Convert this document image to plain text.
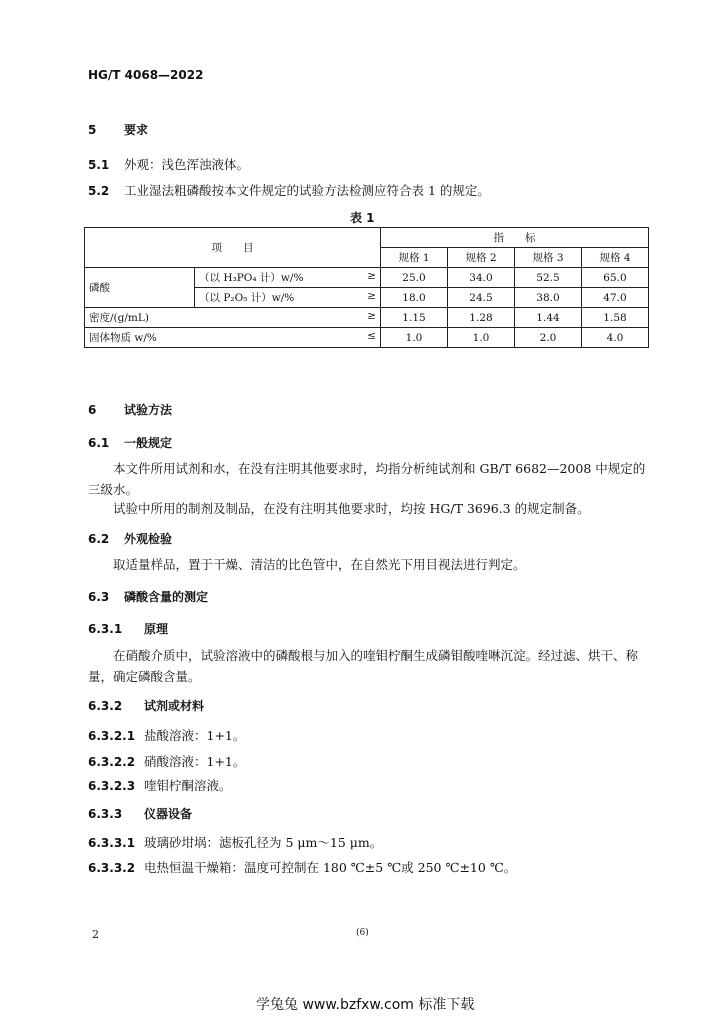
HG/T 4068—2022
5 要求
5.1 外观：浅色浑浊液体。
5.2 工业湿法粗磷酸按本文件规定的试验方法检测应符合表 1 的规定。
表 1
项　　目		指　　标			
		规格 1	规格 2	规格 3	规格 4
磷酸	（以 H₃PO₄ 计）w/% ≥	25.0	34.0	52.5	65.0
	（以 P₂O₅ 计）w/% ≥	18.0	24.5	38.0	47.0
密度/(g/mL) ≥		1.15	1.28	1.44	1.58
固体物质 w/% ≤		1.0	1.0	2.0	4.0
6 试验方法
6.1 一般规定
本文件所用试剂和水，在没有注明其他要求时，均指分析纯试剂和 GB/T 6682—2008 中规定的三级水。
试验中所用的制剂及制品，在没有注明其他要求时，均按 HG/T 3696.3 的规定制备。
6.2 外观检验
取适量样品，置于干燥、清洁的比色管中，在自然光下用目视法进行判定。
6.3 磷酸含量的测定
6.3.1 原理
在硝酸介质中，试验溶液中的磷酸根与加入的喹钼柠酮生成磷钼酸喹啉沉淀。经过滤、烘干、称量，确定磷酸含量。
6.3.2 试剂或材料
6.3.2.1 盐酸溶液：1+1。
6.3.2.2 硝酸溶液：1+1。
6.3.2.3 喹钼柠酮溶液。
6.3.3 仪器设备
6.3.3.1 玻璃砂坩埚：滤板孔径为 5 μm～15 μm。
6.3.3.2 电热恒温干燥箱：温度可控制在 180 ℃±5 ℃或 250 ℃±10 ℃。
2	(6)
学兔兔 www.bzfxw.com 标准下载
